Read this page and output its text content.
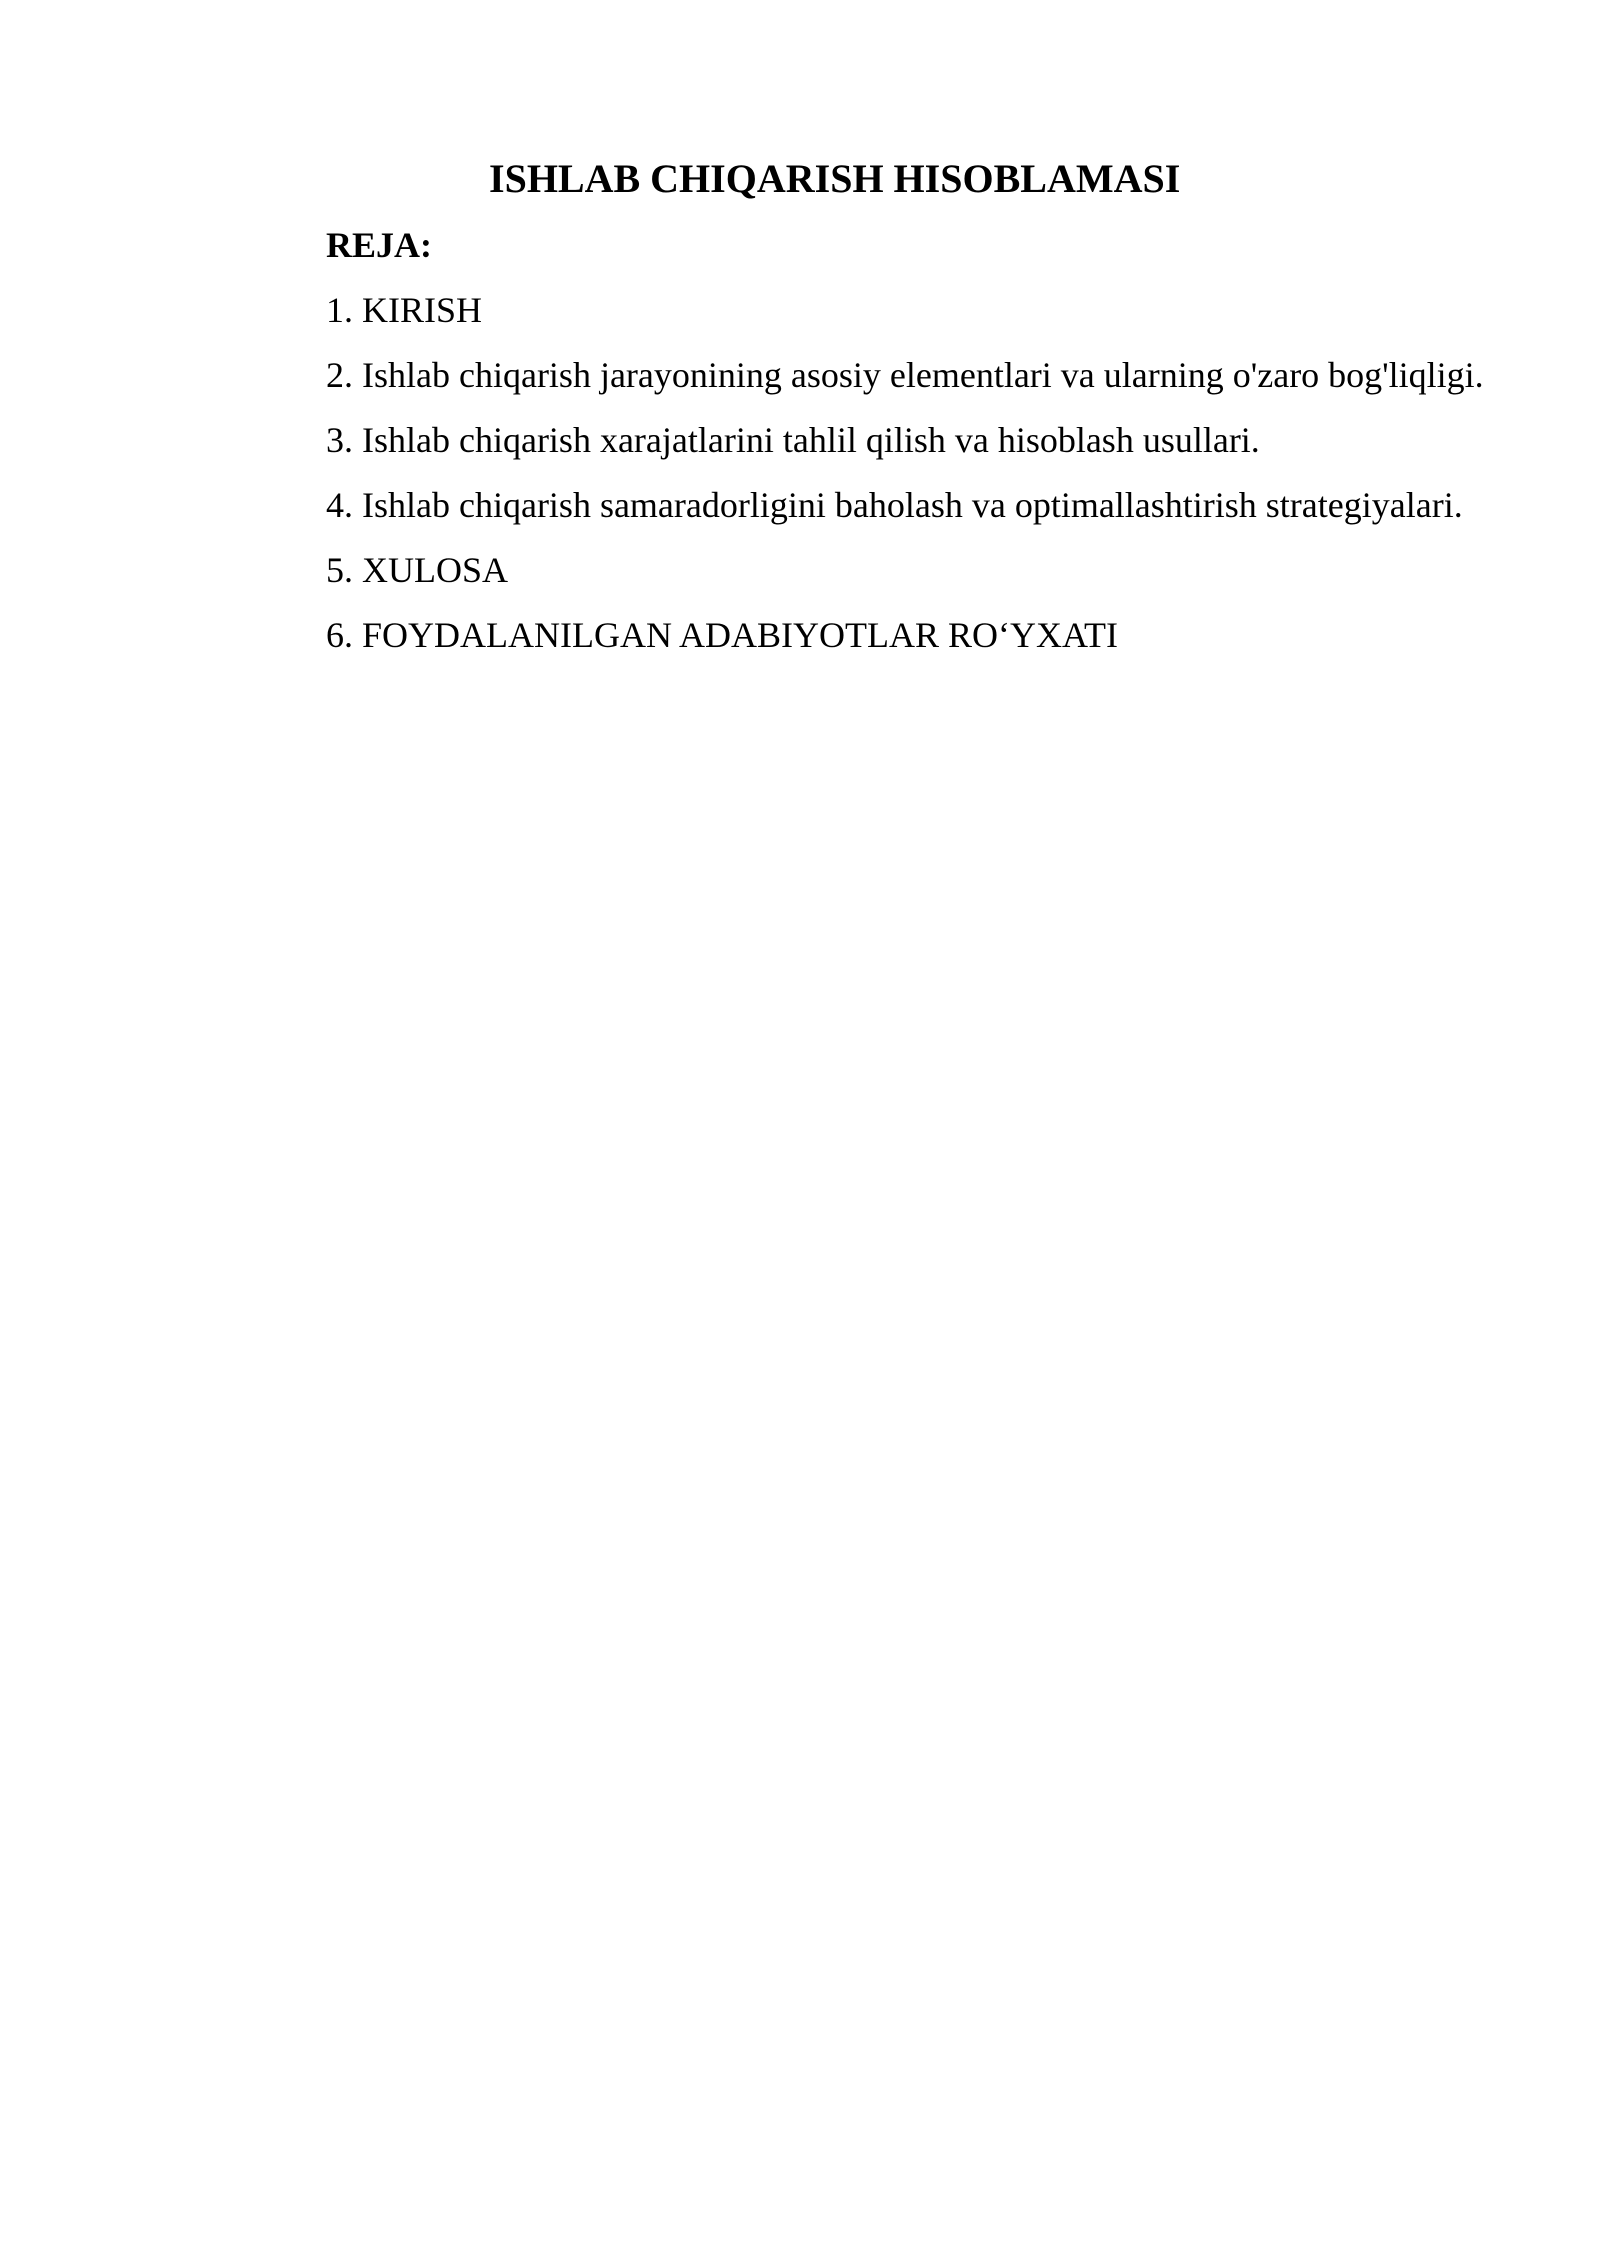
ISHLAB CHIQARISH HISOBLAMASI

REJA:

1. KIRISH

2. Ishlab chiqarish jarayonining asosiy elementlari va ularning o'zaro bog'liqligi.

3. Ishlab chiqarish xarajatlarini tahlil qilish va hisoblash usullari.

4. Ishlab chiqarish samaradorligini baholash va optimallashtirish strategiyalari.

5. XULOSA

6. FOYDALANILGAN ADABIYOTLAR RO‘YXATI
